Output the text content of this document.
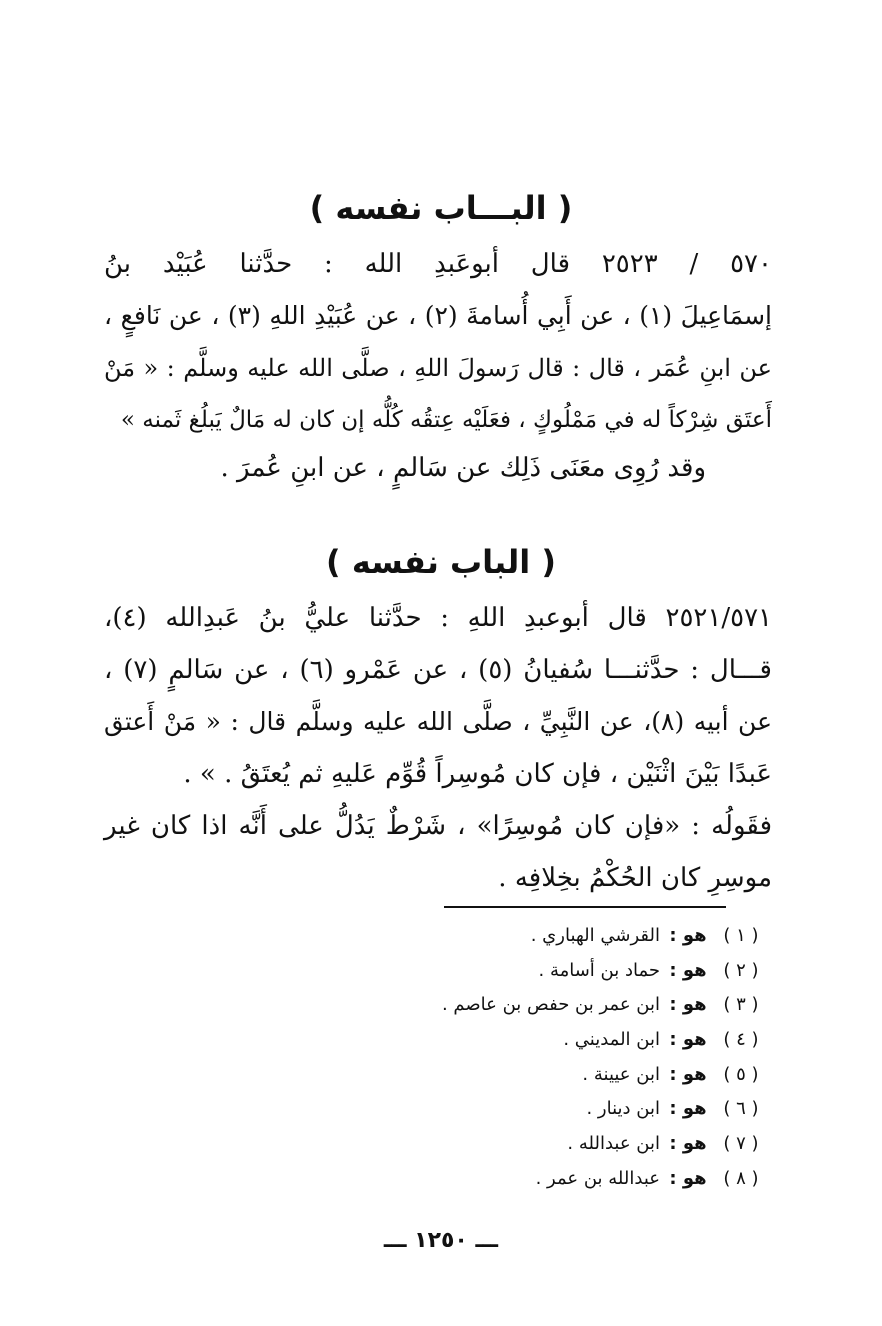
( البـــاب نفسه )
٥٧٠ / ٢٥٢٣ قال أبوعَبدِ الله : حدَّثنا عُبَيْد بنُ
إسمَاعِيلَ (١) ، عن أَبِي أُسامةَ (٢) ، عن عُبَيْدِ اللهِ (٣) ، عن نَافعٍ ،
عن ابنِ عُمَر ، قال : قال رَسولَ اللهِ ، صلَّى الله عليه وسلَّم : « مَنْ
أَعتَق شِرْكاً له في مَمْلُوكٍ ، فعَلَيْه عِتقُه كُلُّه إن كان له مَالٌ يَبلُغ ثَمنه »
وقد رُوِى معَنَى ذَلِك عن سَالمٍ ، عن ابنِ عُمرَ .
( الباب نفسه )
٢٥٢١/٥٧١ قال أبوعبدِ اللهِ : حدَّثنا عليُّ بنُ عَبدِالله (٤)،
قـــال : حدَّثنـــا سُفيانُ (٥) ، عن عَمْرو (٦) ، عن سَالمٍ (٧) ،
عن أبيه (٨)، عن النَّبِيِّ ، صلَّى الله عليه وسلَّم قال : « مَنْ أَعتق
عَبدًا بَيْنَ اثْنَيْن ، فإن كان مُوسِراً قُوِّم عَليهِ ثم يُعتَقُ . » .
فقَولُه : «فإن كان مُوسِرًا» ، شَرْطٌ يَدُلُّ على أَنَّه اذا كان غير
موسِرِ كان الحُكْمُ بخِلافِه .
( ١ )
هو :
القرشي الهباري .
( ٢ )
هو :
حماد بن أسامة .
( ٣ )
هو :
ابن عمر بن حفص بن عاصم .
( ٤ )
هو :
ابن المديني .
( ٥ )
هو :
ابن عيينة .
( ٦ )
هو :
ابن دينار .
( ٧ )
هو :
ابن عبدالله .
( ٨ )
هو :
عبدالله بن عمر .
ـــ ١٢٥٠ ـــ
